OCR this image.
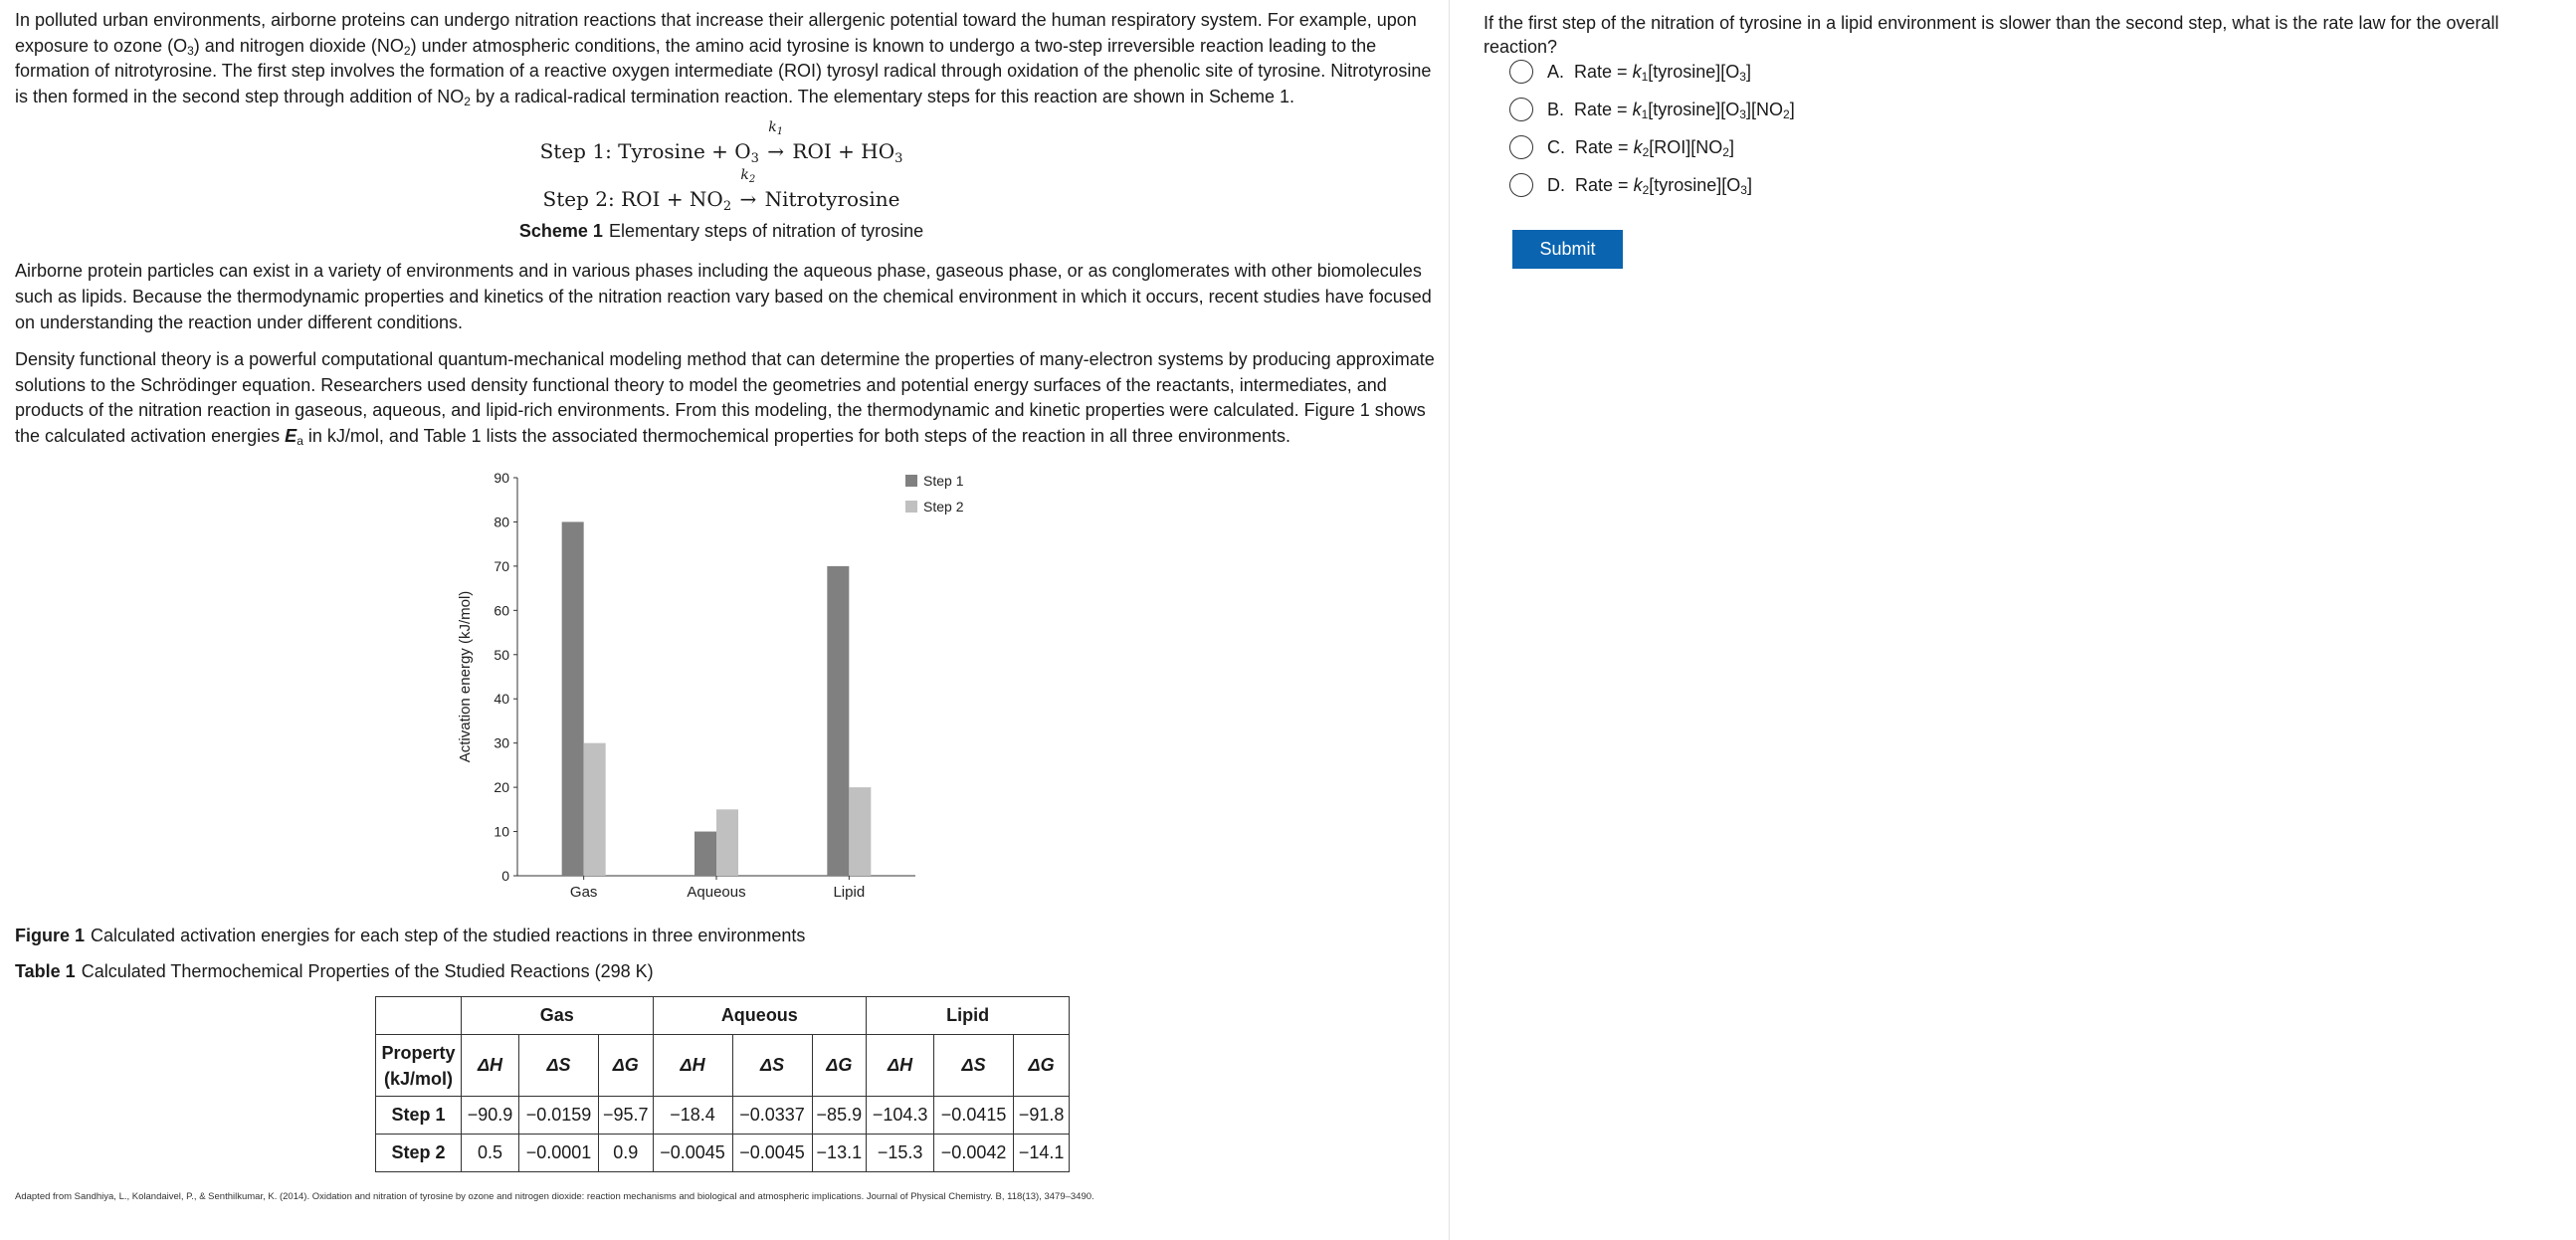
In polluted urban environments, airborne proteins can undergo nitration reactions that increase their allergenic potential toward the human respiratory system. For example, upon exposure to ozone $(O_3)$ and nitrogen dioxide $(NO_2)$ under atmospheric conditions, the amino acid tyrosine is known to undergo a two-step irreversible reaction leading to the formation of nitrotyrosine. The first step involves the formation of a reactive oxygen intermediate (ROI) tyrosyl radical through oxidation of the phenolic site of tyrosine. Nitrotyrosine is then formed in the second step through addition of $NO_2$ by a radical-radical termination reaction. The elementary steps for this reaction are shown in Scheme 1.

Step 1: Tyrosine + $O_3$
$k_1$
→ ROI + $HO_3$
Step 2: ROI + $NO_2$
$k_2$
→ Nitrotyrosine

Scheme 1 Elementary steps of nitration of tyrosine

Airborne protein particles can exist in a variety of environments and in various phases including the aqueous phase, gaseous phase, or as conglomerates with other biomolecules such as lipids. Because the thermodynamic properties and kinetics of the nitration reaction vary based on the chemical environment in which it occurs, recent studies have focused on understanding the reaction under different conditions.

Density functional theory is a powerful computational quantum-mechanical modeling method that can determine the properties of many-electron systems by producing approximate solutions to the Schrödinger equation. Researchers used density functional theory to model the geometries and potential energy surfaces of the reactants, intermediates, and products of the nitration reaction in gaseous, aqueous, and lipid-rich environments. From this modeling, the thermodynamic and kinetic properties were calculated. Figure 1 shows the calculated activation energies $E_a$ in kJ/mol, and Table 1 lists the associated thermochemical properties for both steps of the reaction in all three environments.

0
10
20
30
40
50
60
70
80
90
Activation energy (kJ/mol)
Gas	Aqueous	Lipid
Step 1
Step 2

Figure 1 Calculated activation energies for each step of the studied reactions in three environments

Table 1 Calculated Thermochemical Properties of the Studied Reactions (298 K)

	Gas			Aqueous			Lipid		
Property
(kJ/mol)	ΔH	ΔS	ΔG	ΔH	ΔS	ΔG	ΔH	ΔS	ΔG
Step 1	−90.9	−0.0159	−95.7	−18.4	−0.0337	−85.9	−104.3	−0.0415	−91.8
Step 2	0.5	−0.0001	0.9	−0.0045	−0.0045	−13.1	−15.3	−0.0042	−14.1

Adapted from Sandhiya, L., Kolandaivel, P., & Senthilkumar, K. (2014). Oxidation and nitration of tyrosine by ozone and nitrogen dioxide: reaction mechanisms and biological and atmospheric implications. Journal of Physical Chemistry. B, 118(13), 3479–3490.

If the first step of the nitration of tyrosine in a lipid environment is slower than the second step, what is the rate law for the overall reaction?

A. Rate = $k_1[tyrosine][O_3]$
B. Rate = $k_1[tyrosine][O_3][NO_2]$
C. Rate = $k_2[ROI][NO_2]$
D. Rate = $k_2[tyrosine][O_3]$
Submit
